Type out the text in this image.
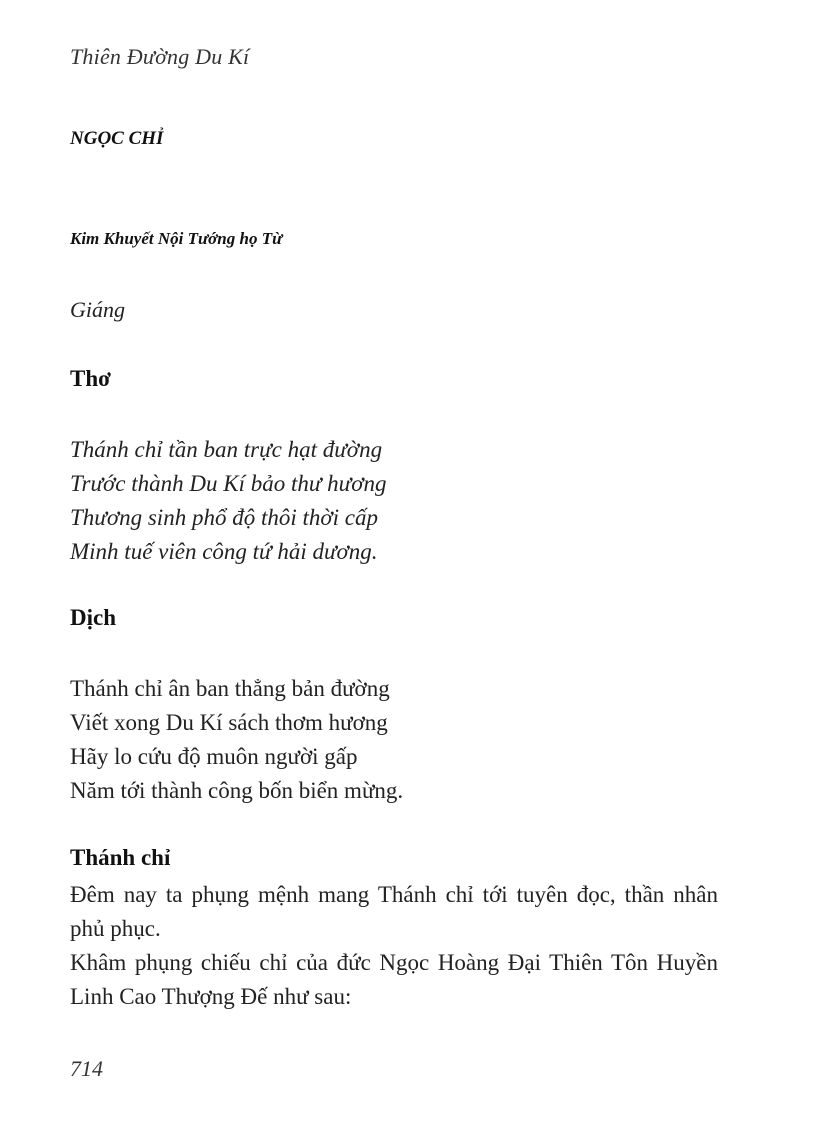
Thiên Đường Du Kí
NGỌC CHỈ
Kim Khuyết Nội Tướng họ Từ
Giáng
Thơ
Thánh chỉ tần ban trực hạt đường
Trước thành Du Kí bảo thư hương
Thương sinh phổ độ thôi thời cấp
Minh tuế viên công tứ hải dương.
Dịch
Thánh chỉ ân ban thẳng bản đường
Viết xong Du Kí sách thơm hương
Hãy lo cứu độ muôn người gấp
Năm tới thành công bốn biển mừng.
Thánh chỉ

Đêm nay ta phụng mệnh mang Thánh chỉ tới tuyên đọc, thần nhân phủ phục.

Khâm phụng chiếu chỉ của đức Ngọc Hoàng Đại Thiên Tôn Huyền Linh Cao Thượng Đế như sau:

714
